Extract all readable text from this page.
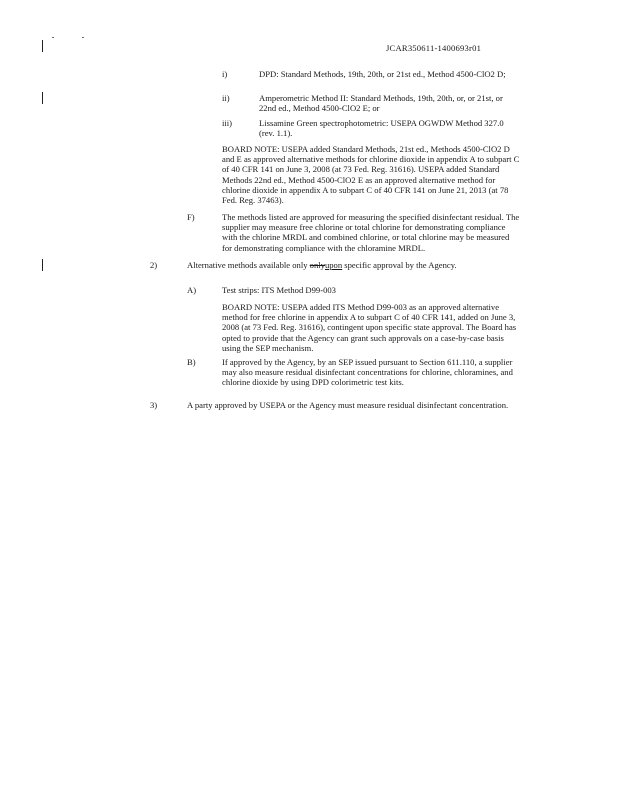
JCAR350611-1400693r01
i)	DPD: Standard Methods, 19th, 20th, or 21st ed., Method 4500-ClO2 D;
ii)	Amperometric Method II: Standard Methods, 19th, 20th, or, or 21st, or 22nd ed., Method 4500-ClO2 E; or
iii)	Lissamine Green spectrophotometric: USEPA OGWDW Method 327.0 (rev. 1.1).
BOARD NOTE: USEPA added Standard Methods, 21st ed., Methods 4500-ClO2 D and E as approved alternative methods for chlorine dioxide in appendix A to subpart C of 40 CFR 141 on June 3, 2008 (at 73 Fed. Reg. 31616). USEPA added Standard Methods 22nd ed., Method 4500-ClO2 E as an approved alternative method for chlorine dioxide in appendix A to subpart C of 40 CFR 141 on June 21, 2013 (at 78 Fed. Reg. 37463).
F)	The methods listed are approved for measuring the specified disinfectant residual. The supplier may measure free chlorine or total chlorine for demonstrating compliance with the chlorine MRDL and combined chlorine, or total chlorine may be measured for demonstrating compliance with the chloramine MRDL.
2)	Alternative methods available only onlyupon specific approval by the Agency.
A)	Test strips: ITS Method D99-003
BOARD NOTE: USEPA added ITS Method D99-003 as an approved alternative method for free chlorine in appendix A to subpart C of 40 CFR 141, added on June 3, 2008 (at 73 Fed. Reg. 31616), contingent upon specific state approval. The Board has opted to provide that the Agency can grant such approvals on a case-by-case basis using the SEP mechanism.
B)	If approved by the Agency, by an SEP issued pursuant to Section 611.110, a supplier may also measure residual disinfectant concentrations for chlorine, chloramines, and chlorine dioxide by using DPD colorimetric test kits.
3)	A party approved by USEPA or the Agency must measure residual disinfectant concentration.
